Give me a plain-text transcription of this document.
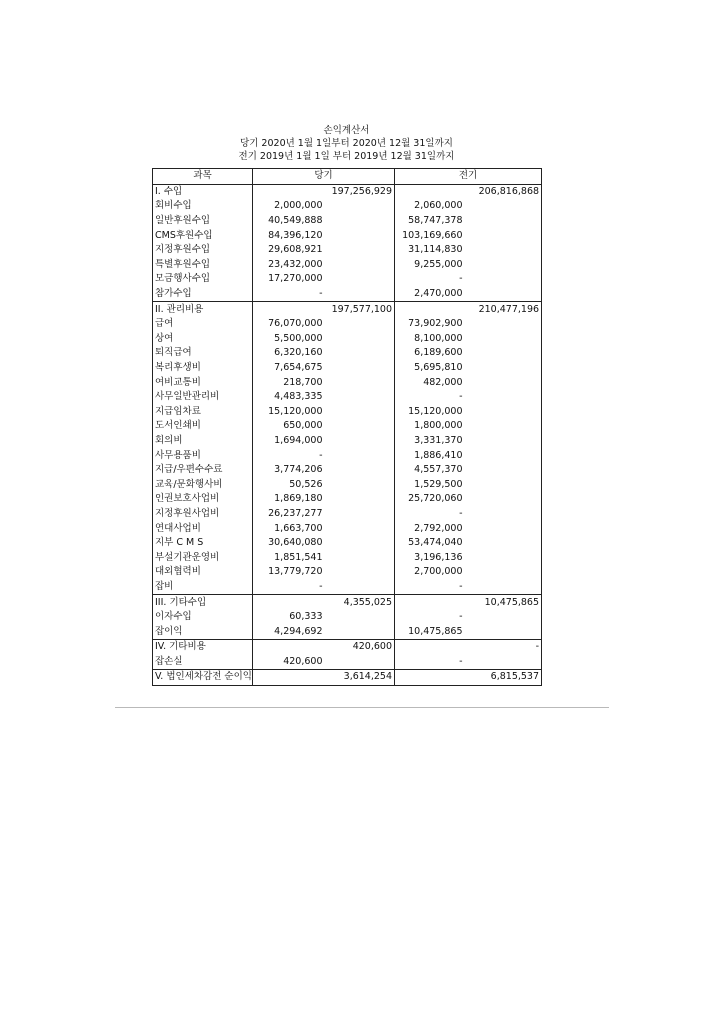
손익계산서
당기 2020년 1월 1일부터 2020년 12월 31일까지
전기 2019년 1월 1일 부터 2019년 12월 31일까지
과목	당기		전기	
I. 수입		197,256,929		206,816,868
회비수입	2,000,000		2,060,000	
일반후원수입	40,549,888		58,747,378	
CMS후원수입	84,396,120		103,169,660	
지정후원수입	29,608,921		31,114,830	
특별후원수입	23,432,000		9,255,000	
모금행사수입	17,270,000		-	
참가수입	-		2,470,000	
II. 관리비용		197,577,100		210,477,196
급여	76,070,000		73,902,900	
상여	5,500,000		8,100,000	
퇴직급여	6,320,160		6,189,600	
복리후생비	7,654,675		5,695,810	
여비교통비	218,700		482,000	
사무일반관리비	4,483,335		-	
지급임차료	15,120,000		15,120,000	
도서인쇄비	650,000		1,800,000	
회의비	1,694,000		3,331,370	
사무용품비	-		1,886,410	
지급/우편수수료	3,774,206		4,557,370	
교육/문화행사비	50,526		1,529,500	
인권보호사업비	1,869,180		25,720,060	
지정후원사업비	26,237,277		-	
연대사업비	1,663,700		2,792,000	
지부 C M S	30,640,080		53,474,040	
부설기관운영비	1,851,541		3,196,136	
대외협력비	13,779,720		2,700,000	
잡비	-		-	
III. 기타수입		4,355,025		10,475,865
이자수입	60,333		-	
잡이익	4,294,692		10,475,865	
IV. 기타비용		420,600		-
잡손실	420,600		-	
V. 법인세차감전 순이익		3,614,254		6,815,537
